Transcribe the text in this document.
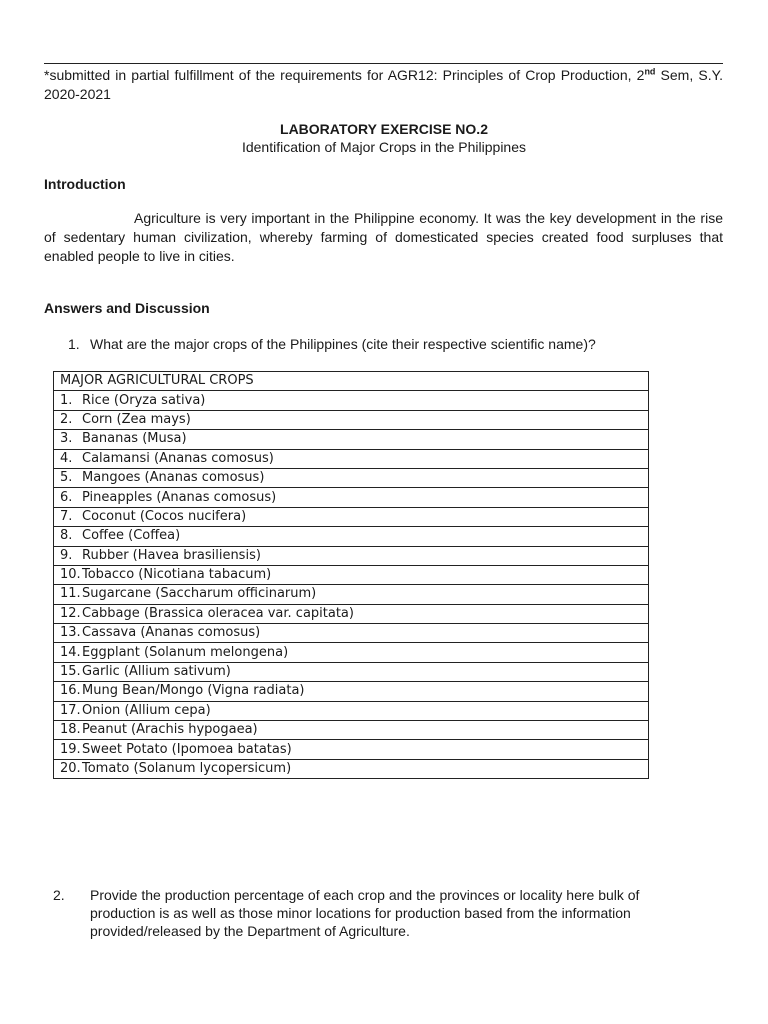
*submitted in partial fulfillment of the requirements for AGR12: Principles of Crop Production, 2nd Sem, S.Y. 2020-2021
LABORATORY EXERCISE NO.2
Identification of Major Crops in the Philippines
Introduction
Agriculture is very important in the Philippine economy. It was the key development in the rise of sedentary human civilization, whereby farming of domesticated species created food surpluses that enabled people to live in cities.
Answers and Discussion
1. What are the major crops of the Philippines (cite their respective scientific name)?
MAJOR AGRICULTURAL CROPS
1. Rice (Oryza sativa)
2. Corn (Zea mays)
3. Bananas (Musa)
4. Calamansi (Ananas comosus)
5. Mangoes (Ananas comosus)
6. Pineapples (Ananas comosus)
7. Coconut (Cocos nucifera)
8. Coffee (Coffea)
9. Rubber (Havea brasiliensis)
10.Tobacco (Nicotiana tabacum)
11.Sugarcane (Saccharum officinarum)
12.Cabbage (Brassica oleracea var. capitata)
13.Cassava (Ananas comosus)
14.Eggplant (Solanum melongena)
15.Garlic (Allium sativum)
16.Mung Bean/Mongo (Vigna radiata)
17.Onion (Allium cepa)
18.Peanut (Arachis hypogaea)
19.Sweet Potato (Ipomoea batatas)
20.Tomato (Solanum lycopersicum)
2. Provide the production percentage of each crop and the provinces or locality here bulk of production is as well as those minor locations for production based from the information provided/released by the Department of Agriculture.
